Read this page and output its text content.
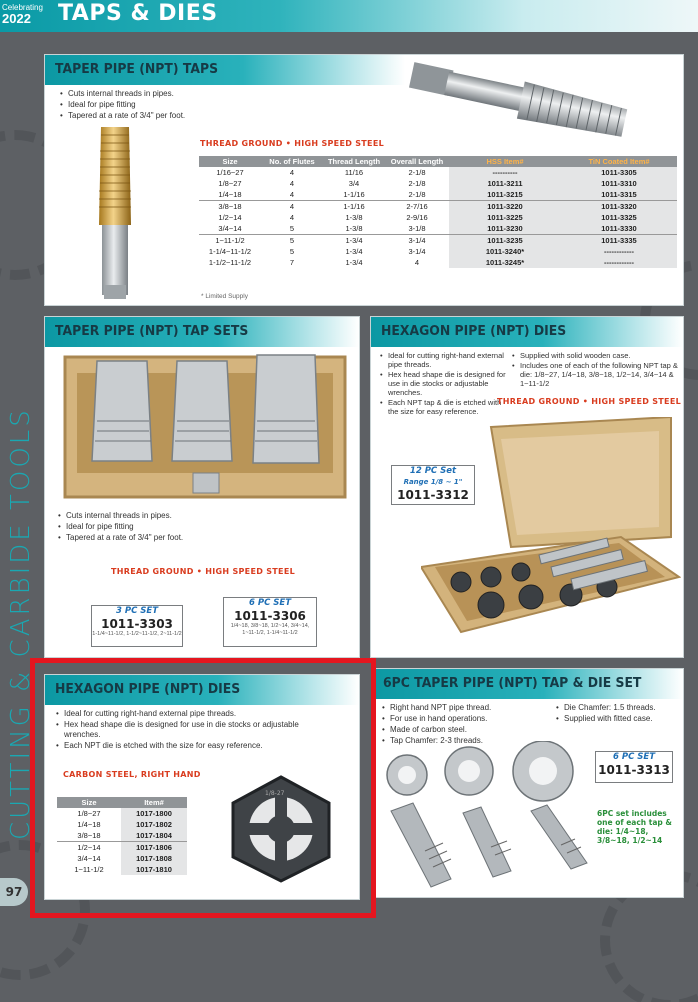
Celebrating
2022	TAPS & DIES
CUTTING & CARBIDE TOOLS
TAPER PIPE (NPT) TAPS
• Cuts internal threads in pipes.
• Ideal for pipe fitting
• Tapered at a rate of 3/4" per foot.
THREAD GROUND • HIGH SPEED STEEL
Size	No. of Flutes	Thread Length	Overall Length	HSS Item#	TiN Coated Item#
1/16~27	4	11/16	2-1/8	----------	1011-3305
1/8~27	4	3/4	2-1/8	1011-3211	1011-3310
1/4~18	4	1-1/16	2-1/8	1011-3215	1011-3315
3/8~18	4	1-1/16	2-7/16	1011-3220	1011-3320
1/2~14	4	1-3/8	2-9/16	1011-3225	1011-3325
3/4~14	5	1-3/8	3-1/8	1011-3230	1011-3330
1~11-1/2	5	1-3/4	3-1/4	1011-3235	1011-3335
1-1/4~11-1/2	5	1-3/4	3-1/4	1011-3240*	------------
1-1/2~11-1/2	7	1-3/4	4	1011-3245*	------------
* Limited Supply
TAPER PIPE (NPT) TAP SETS
• Cuts internal threads in pipes.
• Ideal for pipe fitting
• Tapered at a rate of 3/4" per foot.
THREAD GROUND • HIGH SPEED STEEL
3 PC SET
1011-3303
1-1/4~11-1/2, 1-1/2~11-1/2, 2~11-1/2
6 PC SET
1011-3306
1/4~18, 3/8~18, 1/2~14, 3/4~14, 1~11-1/2, 1-1/4~11-1/2
HEXAGON PIPE (NPT) DIES
• Ideal for cutting right-hand external pipe threads.
• Hex head shape die is designed for use in die stocks or adjustable wrenches.
• Each NPT tap & die is etched with the size for easy reference.
• Supplied with solid wooden case.
• Includes one of each of the following NPT tap & die: 1/8~27, 1/4~18, 3/8~18, 1/2~14, 3/4~14 & 1~11-1/2
THREAD GROUND • HIGH SPEED STEEL
12 PC Set
Range 1/8 ~ 1"
1011-3312
HEXAGON PIPE (NPT) DIES
• Ideal for cutting right-hand external pipe threads.
• Hex head shape die is designed for use in die stocks or adjustable wrenches.
• Each NPT die is etched with the size for easy reference.
CARBON STEEL, RIGHT HAND
Size	Item#
1/8~27	1017-1800
1/4~18	1017-1802
3/8~18	1017-1804
1/2~14	1017-1806
3/4~14	1017-1808
1~11-1/2	1017-1810
1/8-27
6PC TAPER PIPE (NPT) TAP & DIE SET
• Right hand NPT pipe thread.
• For use in hand operations.
• Made of carbon steel.
• Tap Chamfer: 2-3 threads.
• Die Chamfer: 1.5 threads.
• Supplied with fitted case.
6 PC SET
1011-3313
6PC set includes one of each tap & die: 1/4~18, 3/8~18, 1/2~14
97
